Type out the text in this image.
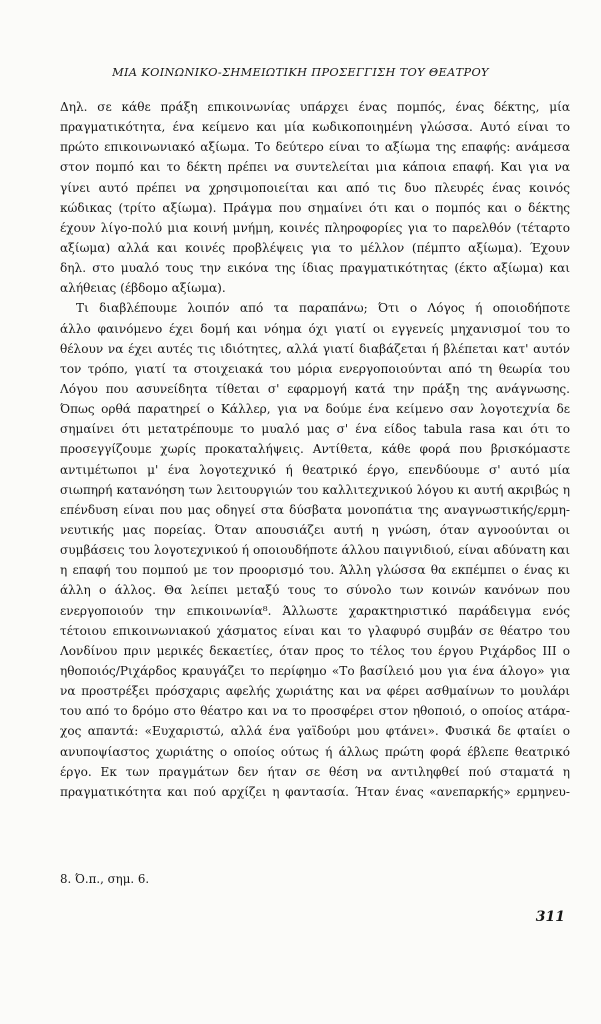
ΜΙΑ ΚΟΙΝΩΝΙΚΟ-ΣΗΜΕΙΩΤΙΚΗ ΠΡΟΣΕΓΓΙΣΗ ΤΟΥ ΘΕΑΤΡΟΥ
Δηλ. σε κάθε πράξη επικοινωνίας υπάρχει ένας πομπός, ένας δέκτης, μία
πραγματικότητα, ένα κείμενο και μία κωδικοποιημένη γλώσσα. Αυτό είναι το
πρώτο επικοινωνιακό αξίωμα. Το δεύτερο είναι το αξίωμα της επαφής: ανάμεσα
στον πομπό και το δέκτη πρέπει να συντελείται μια κάποια επαφή. Και για να
γίνει αυτό πρέπει να χρησιμοποιείται και από τις δυο πλευρές ένας κοινός
κώδικας (τρίτο αξίωμα). Πράγμα που σημαίνει ότι και ο πομπός και ο δέκτης
έχουν λίγο-πολύ μια κοινή μνήμη, κοινές πληροφορίες για το παρελθόν (τέταρτο
αξίωμα) αλλά και κοινές προβλέψεις για το μέλλον (πέμπτο αξίωμα). Έχουν
δηλ. στο μυαλό τους την εικόνα της ίδιας πραγματικότητας (έκτο αξίωμα) και
αλήθειας (έβδομο αξίωμα).
Τι διαβλέπουμε λοιπόν από τα παραπάνω; Ότι ο Λόγος ή οποιοδήποτε
άλλο φαινόμενο έχει δομή και νόημα όχι γιατί οι εγγενείς μηχανισμοί του το
θέλουν να έχει αυτές τις ιδιότητες, αλλά γιατί διαβάζεται ή βλέπεται κατ' αυτόν
τον τρόπο, γιατί τα στοιχειακά του μόρια ενεργοποιούνται από τη θεωρία του
Λόγου που ασυνείδητα τίθεται σ' εφαρμογή κατά την πράξη της ανάγνωσης.
Όπως ορθά παρατηρεί ο Κάλλερ, για να δούμε ένα κείμενο σαν λογοτεχνία δε
σημαίνει ότι μετατρέπουμε το μυαλό μας σ' ένα είδος tabula rasa και ότι το
προσεγγίζουμε χωρίς προκαταλήψεις. Αντίθετα, κάθε φορά που βρισκόμαστε
αντιμέτωποι μ' ένα λογοτεχνικό ή θεατρικό έργο, επενδύουμε σ' αυτό μία
σιωπηρή κατανόηση των λειτουργιών του καλλιτεχνικού λόγου κι αυτή ακριβώς η
επένδυση είναι που μας οδηγεί στα δύσβατα μονοπάτια της αναγνωστικής/ερμη-
νευτικής μας πορείας. Όταν απουσιάζει αυτή η γνώση, όταν αγνοούνται οι
συμβάσεις του λογοτεχνικού ή οποιουδήποτε άλλου παιγνιδιού, είναι αδύνατη και
η επαφή του πομπού με τον προορισμό του. Άλλη γλώσσα θα εκπέμπει ο ένας κι
άλλη ο άλλος. Θα λείπει μεταξύ τους το σύνολο των κοινών κανόνων που
ενεργοποιούν την επικοινωνία⁸. Άλλωστε χαρακτηριστικό παράδειγμα ενός
τέτοιου επικοινωνιακού χάσματος είναι και το γλαφυρό συμβάν σε θέατρο του
Λονδίνου πριν μερικές δεκαετίες, όταν προς το τέλος του έργου Ριχάρδος ΙΙΙ ο
ηθοποιός/Ριχάρδος κραυγάζει το περίφημο «Το βασίλειό μου για ένα άλογο» για
να προστρέξει πρόσχαρις αφελής χωριάτης και να φέρει ασθμαίνων το μουλάρι
του από το δρόμο στο θέατρο και να το προσφέρει στον ηθοποιό, ο οποίος ατάρα-
χος απαντά: «Ευχαριστώ, αλλά ένα γαϊδούρι μου φτάνει». Φυσικά δε φταίει ο
ανυποψίαστος χωριάτης ο οποίος ούτως ή άλλως πρώτη φορά έβλεπε θεατρικό
έργο. Εκ των πραγμάτων δεν ήταν σε θέση να αντιληφθεί πού σταματά η
πραγματικότητα και πού αρχίζει η φαντασία. Ήταν ένας «ανεπαρκής» ερμηνευ-
8. Ό.π., σημ. 6.
311
